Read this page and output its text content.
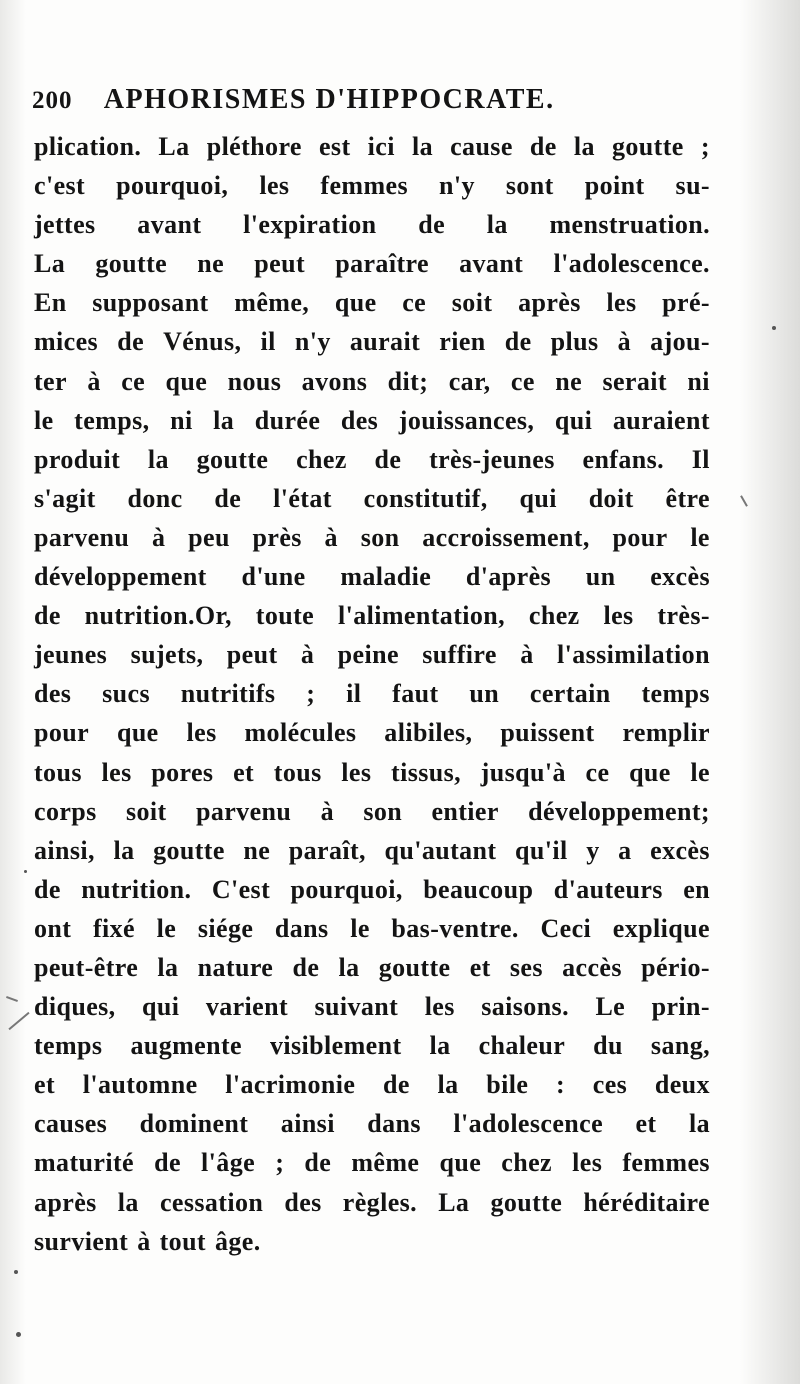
200 APHORISMES D'HIPPOCRATE.
plication. La pléthore est ici la cause de la goutte ;
c'est pourquoi, les femmes n'y sont point su-
jettes avant l'expiration de la menstruation.
La goutte ne peut paraître avant l'adolescence.
En supposant même, que ce soit après les pré-
mices de Vénus, il n'y aurait rien de plus à ajou-
ter à ce que nous avons dit; car, ce ne serait ni
le temps, ni la durée des jouissances, qui auraient
produit la goutte chez de très-jeunes enfans. Il
s'agit donc de l'état constitutif, qui doit être
parvenu à peu près à son accroissement, pour le
développement d'une maladie d'après un excès
de nutrition.Or, toute l'alimentation, chez les très-
jeunes sujets, peut à peine suffire à l'assimilation
des sucs nutritifs ; il faut un certain temps
pour que les molécules alibiles, puissent remplir
tous les pores et tous les tissus, jusqu'à ce que le
corps soit parvenu à son entier développement;
ainsi, la goutte ne paraît, qu'autant qu'il y a excès
de nutrition. C'est pourquoi, beaucoup d'auteurs en
ont fixé le siége dans le bas-ventre. Ceci explique
peut-être la nature de la goutte et ses accès pério-
diques, qui varient suivant les saisons. Le prin-
temps augmente visiblement la chaleur du sang,
et l'automne l'acrimonie de la bile : ces deux
causes dominent ainsi dans l'adolescence et la
maturité de l'âge ; de même que chez les femmes
après la cessation des règles. La goutte héréditaire
survient à tout âge.
